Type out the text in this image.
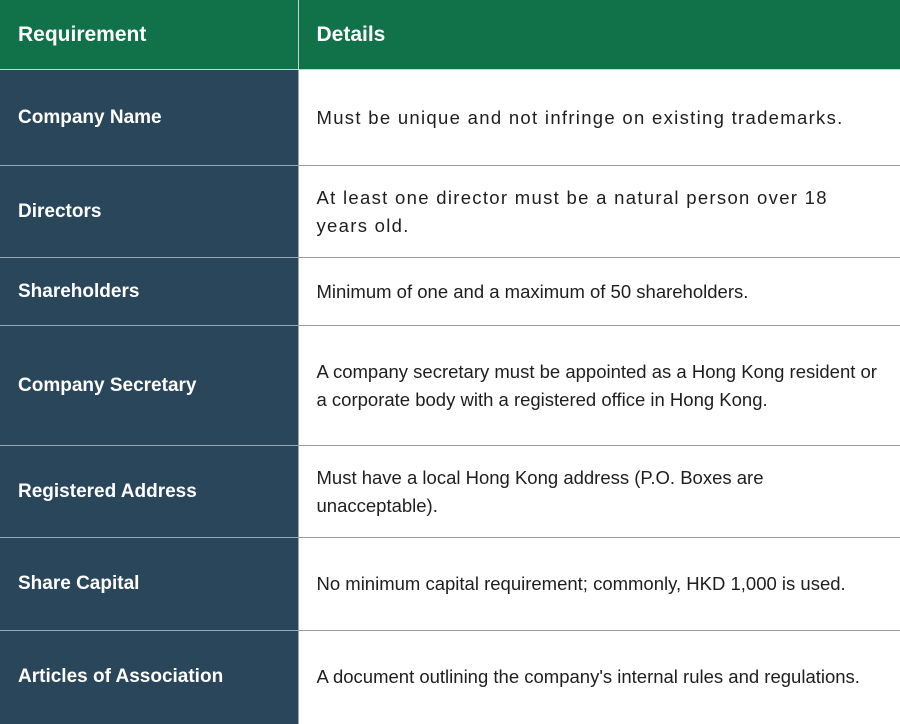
Requirement	Details
Company Name	Must be unique and not infringe on existing trademarks.
Directors	At least one director must be a natural person over 18 years old.
Shareholders	Minimum of one and a maximum of 50 shareholders.
Company Secretary	A company secretary must be appointed as a Hong Kong resident or a corporate body with a registered office in Hong Kong.
Registered Address	Must have a local Hong Kong address (P.O. Boxes are unacceptable).
Share Capital	No minimum capital requirement; commonly, HKD 1,000 is used.
Articles of Association	A document outlining the company's internal rules and regulations.
